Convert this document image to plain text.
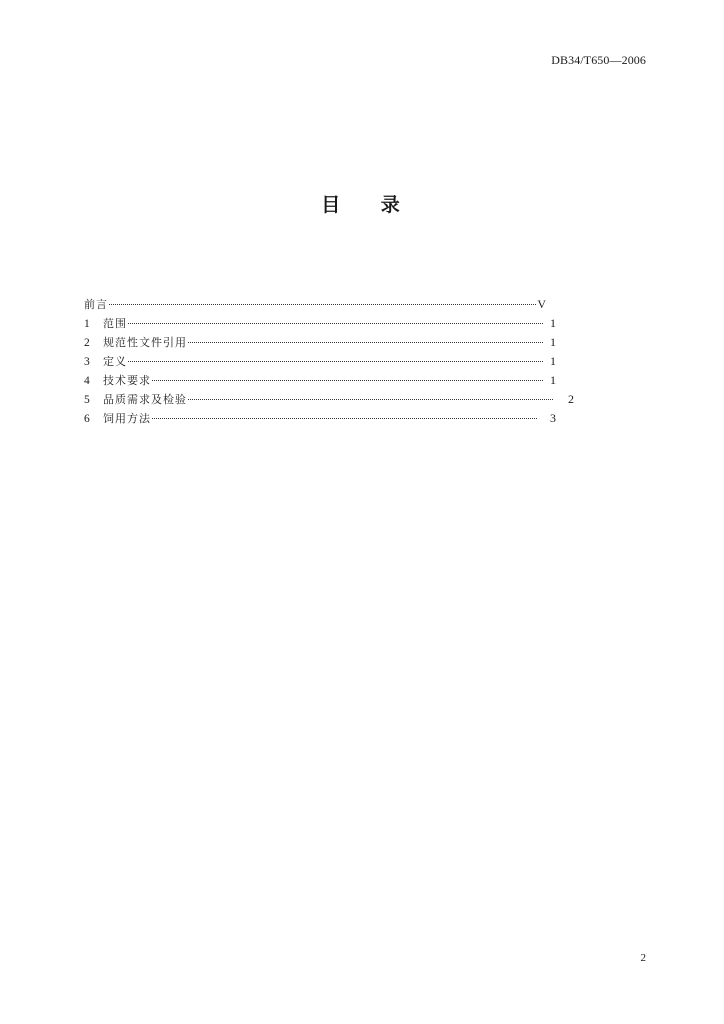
DB34/T650—2006
目 录
前言	V
1	范围	1
2	规范性文件引用	1
3	定义	1
4	技术要求	1
5	品质需求及检验	2
6	饲用方法	3
2
